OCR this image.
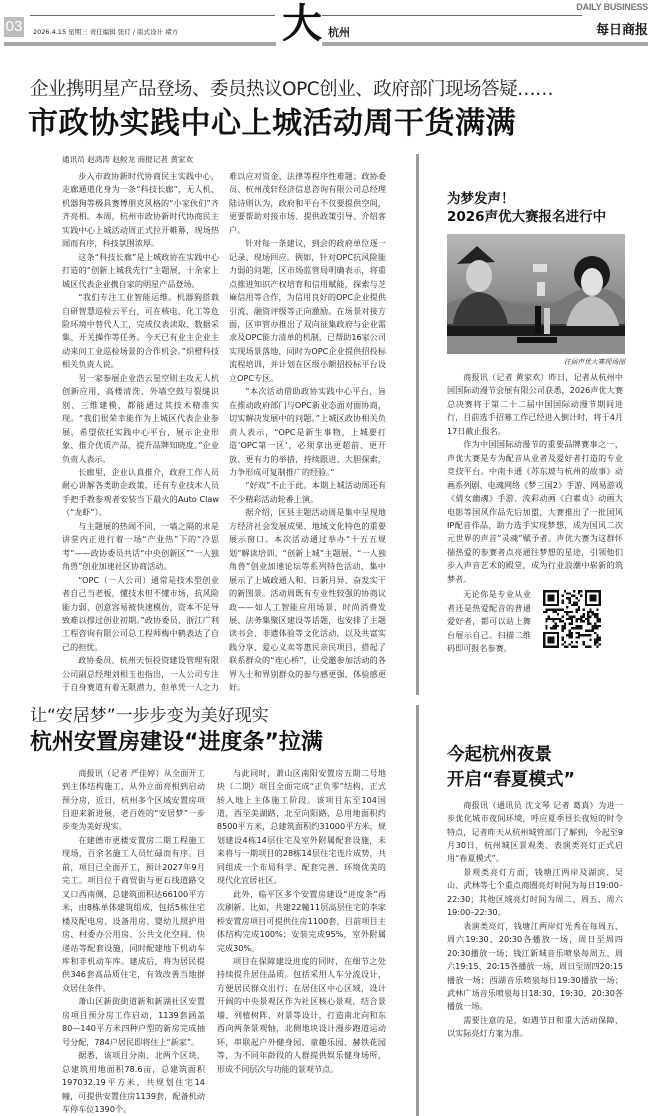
03 2026.4.15 星期三 责任编辑 张玎 / 版式设计 褚方	大 杭州
DAILY BUSINESS
每日商报
企业携明星产品登场、委员热议OPC创业、政府部门现场答疑……
市政协实践中心上城活动周干货满满
通讯员 赵鸿涛 赵鲛龙 商报记者 黄家欢

步入市政协新时代协商民主实践中心，走廊通道化身为一条“科技长廊”，无人机、机器狗等极具赛博朋克风格的“小家伙们”齐齐亮相。本周，杭州市政协新时代协商民主实践中心上城活动周正式拉开帷幕，现场热闹而有序，科技氛围浓厚。

这条“科技长廊”是上城政协在实践中心打造的“创新上城我先行”主题展，十余家上城区代表企业携自家的明星产品登场。

“我们专注工业智能运维。机器狗搭载自研智慧巡检云平台，可在核电、化工等危险环境中替代人工，完成仪表读取、数据采集、开关操作等任务。今天已有业主企业主动来问工业巡检场景的合作机会。”炽橙科技相关负责人说。

另一家参展企业浩云星空则主攻无人机创新应用，高楼清洗、外墙空鼓与裂缝识别、三维建模，都能通过其技术精准实现。“我们很荣幸能作为上城区代表企业参展，希望依托实践中心平台，展示企业形象、推介优质产品，提升品牌知晓度。”企业负责人表示。

长廊里，企业认真推介，政府工作人员耐心讲解各类助企政策，还有专业技术人员手把手教参观者安装当下最火的Auto Claw（“龙虾”）。

与主题展的热闹不同，一墙之隔的求是讲堂内正进行着一场“产业热”下的“冷思考”——政协委员共话“中央创新区”“一人独角兽”创业加速社区协商活动。

“OPC（一人公司）通常是技术型创业者自己当老板，懂技术但不懂市场，抗风险能力弱，创意容易被快速模仿，资本不足导致难以撑过创业初期。”政协委员、浙江广利工程咨询有限公司总工程师梅中鹤表达了自己的担忧。

政协委员、杭州天恒投资建设管理有限公司副总经理刘相玉也指出，一人公司专注于自身赛道有着无限潜力，但单凭一人之力难以应对资金、法律等程序性难题；政协委员、杭州茂轩经济信息咨询有限公司总经理陆诗则认为，政府和平台不仅要提供空间，更要帮助对接市场、提供政策引导、介绍客户。

针对每一条建议，到会的政府单位逐一记录、现场回应。例如，针对OPC抗风险能力弱的问题，区市场监管局明确表示，将重点推进知识产权培育和信用赋能，探索与芝麻信用等合作，为信用良好的OPC企业提供引流、融资评级等正向激励。在场景对接方面，区审管办推出了双向征集政府与企业需求及OPC能力清单的机制，已帮助16家公司实现场景落地，同时为OPC企业提供招投标流程培训，并计划在区级小额招投标平台设立OPC专区。

“本次活动借助政协实践中心平台，旨在推动政府部门与OPC新业态面对面协商，切实解决发展中的问题。”上城区政协相关负责人表示，“OPC是新生事物，上城要打造‘OPC第一区’，必须拿出更超前、更开放、更有力的举措，持续跟进、大胆探索，力争形成可复制推广的经验。”

“好戏”不止于此。本期上城活动周还有不少精彩活动轮番上演。

据介绍，区县主题活动周是集中呈现地方经济社会发展成果、地域文化特色的重要展示窗口。本次活动通过举办“十五五规划”解读培训、“创新上城”主题展、“一人独角兽”创业加速论坛等系列特色活动，集中展示了上城政通人和、日新月异、奋发实干的新图景。活动周既有专业性较强的协商议政——如人工智能应用场景、时尚消费发展、法务集聚区建设等话题，也安排了主题读书会、非遗体验等文化活动，以及共富实践分享、爱心义卖等惠民亲民项目，搭起了联系群众的“连心桥”，让受邀参加活动的各界人士和界别群众的参与感更强、体验感更好。

为梦发声！
2026声优大赛报名进行中
往届声优大赛现场图

商报讯（记者 黄家欢）昨日，记者从杭州中国国际动漫节会展有限公司获悉，2026声优大赛总决赛将于第二十二届中国国际动漫节期间进行，目前选手招募工作已经进入倒计时，将于4月17日截止报名。

作为中国国际动漫节的重要品牌赛事之一，声优大赛是专为配音从业者及爱好者打造的专业竞技平台。中南卡通《苏东坡与杭州的故事》动画系列剧、电魂网络《梦三国2》手游、网易游戏《倩女幽魂》手游、流彩动画《白素贞》动画大电影等国风作品先后加盟，大赛推出了一批国风IP配音作品，助力选手实现梦想，成为国风二次元世界的声音“灵魂”赋予者。声优大赛为这群怀揣热爱的参赛者点亮通往梦想的星途，引领他们步入声音艺术的殿堂，成为行业浪潮中崭新的筑梦者。

无论你是专业从业者还是热爱配音的普通爱好者，都可以站上舞台展示自己。扫描二维码即可报名参赛。

让“安居梦”一步步变为美好现实
杭州安置房建设“进度条”拉满

商报讯（记者 严佳婷）从全面开工到主体结构施工，从外立面亮相到启动预分房，近日，杭州多个区域安置房项目迎来新进展，老百姓的“安居梦”一步步变为美好现实。

在建德市更楼安置房二期工程施工现场，百余名施工人员忙碌而有序。目前，项目已全面开工，预计2027年9月完工。项目位于商贸街与更石线道路交叉口西南侧，总建筑面积达66100平方米，由8栋单体建筑组成，包括5栋住宅楼及配电房、设备用房、婴幼儿照护用房、村委办公用房、公共文化空间、快递站等配套设施，同时配建地下机动车库和非机动车库。建成后，将为居民提供346套高品质住宅，有效改善当地群众居住条件。

萧山区新街街道新和新湖社区安置房项目预分房工作启动，1139套涵盖80—140平方米四种户型的新房完成抽号分配，784户居民即将住上“新家”。

据悉，该项目分南、北两个区块，总建筑用地面积78.6亩，总建筑面积197032.19平方米，共规划住宅14幢，可提供安置住房1139套，配备机动车停车位1390个。

与此同时，萧山区南阳安置房五期二号地块（二期）项目全面完成“正负零”结构，正式转入地上主体施工阶段。该项目东至104国道，西至美湖路，北至向阳路，总用地面积约8500平方米，总建筑面积约31000平方米，规划建设4栋14层住宅及室外附属配套设施，未来将与一期项目的28栋14层住宅连片成势，共同组成一个布局科学、配套完善、环境优美的现代化宜居社区。

此外，临平区多个安置房建设“进度条”再次刷新。比如，共建22幢11层高层住宅的李家桥安置房项目可提供住房1100套，目前项目主体结构完成100%；安装完成95%，室外附属完成30%。

项目在保障建设进度的同时，在细节之处持续提升居住品质。包括采用人车分流设计，方便居民群众出行；在居住区中心区域，设计开阔的中央景观区作为社区核心景观，结合景墙、列植树阵、对景等设计，打造南北向和东西向两条景观轴，北侧地块设计漫步跑道运动环，串联起户外健身园、童趣乐园、赫铁花园等，为不同年龄段的人群提供娱乐健身场所，形成不同层次与功能的景观节点。

今起杭州夜景
开启“春夏模式”

商报讯（通讯员 沈文琴 记者 葛真）为进一步优化城市夜间环境，呼应夏季昼长夜短的时令特点，记者昨天从杭州城管部门了解到，今起至9月30日，杭州城区景观类、表演类亮灯正式启用“春夏模式”。

景观类亮灯方面，钱塘江两岸及湖滨、吴山、武林等七个重点商圈亮灯时间为每日19:00–22:30；其他区域亮灯时间为周二、周五、周六19:00–22:30。

表演类亮灯，钱塘江两岸灯光秀在每周五、周六19:30、20:30各播放一场，周日至周四20:30播放一场；钱江新城音乐喷泉每周五、周六19:15、20:15各播放一场，周日至周四20:15播放一场；西湖音乐喷泉每日19:30播放一场；武林广场音乐喷泉每日18:30、19:30、20:30各播放一场。

需要注意的是，如遇节日和重大活动保障，以实际亮灯方案为准。
